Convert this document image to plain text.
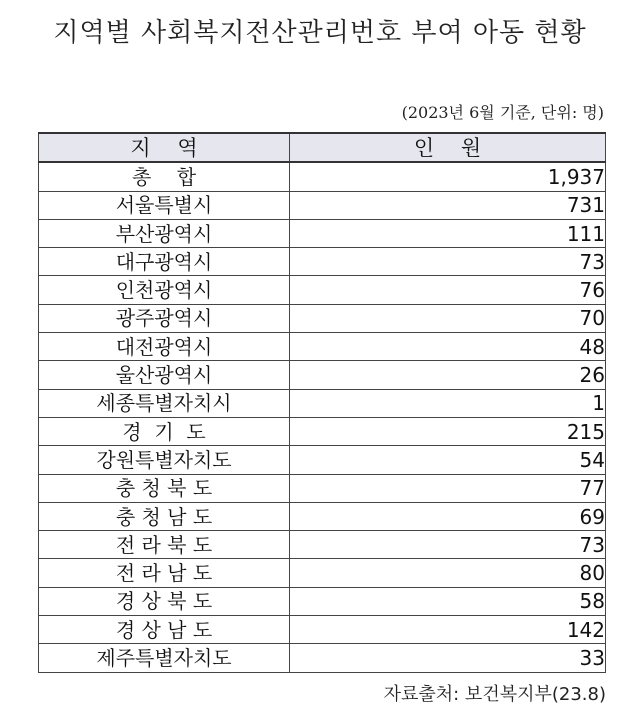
지역별 사회복지전산관리번호 부여 아동 현황
(2023년 6월 기준, 단위: 명)
지    역	인    원
총    합	1,937
서울특별시	731
부산광역시	111
대구광역시	73
인천광역시	76
광주광역시	70
대전광역시	48
울산광역시	26
세종특별자치시	1
경  기  도	215
강원특별자치도	54
충 청 북 도	77
충 청 남 도	69
전 라 북 도	73
전 라 남 도	80
경 상 북 도	58
경 상 남 도	142
제주특별자치도	33
자료출처: 보건복지부(23.8)
